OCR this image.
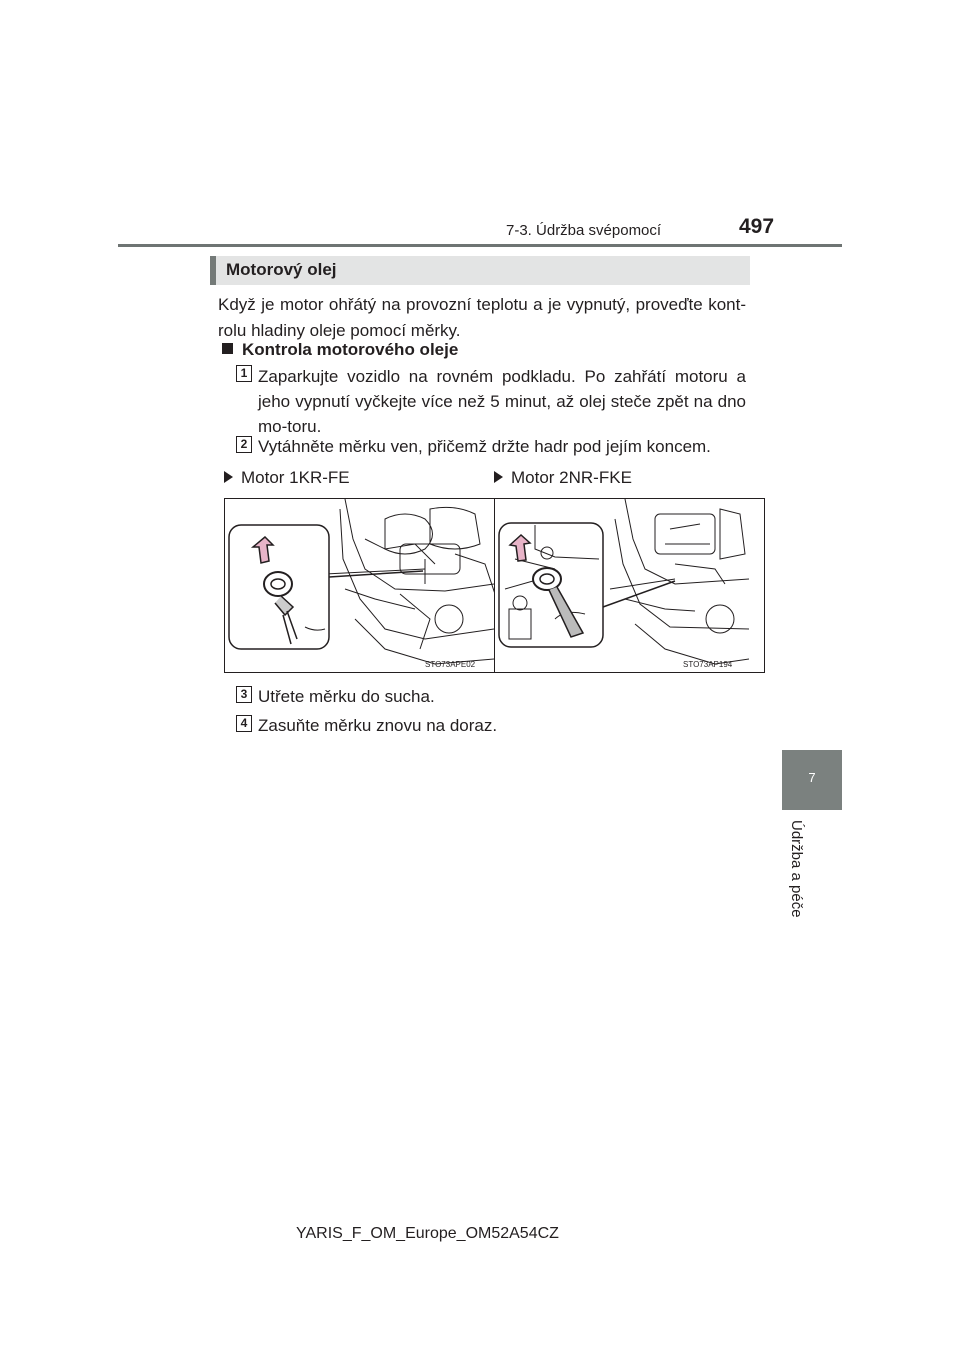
7-3. Údržba svépomocí	497
7
Údržba a péče
Motorový olej
Když je motor ohřátý na provozní teplotu a je vypnutý, proveďte kont-rolu hladiny oleje pomocí měrky.
Kontrola motorového oleje
1 Zaparkujte vozidlo na rovném podkladu. Po zahřátí motoru a jeho vypnutí vyčkejte více než 5 minut, až olej steče zpět na dno mo-toru.
2 Vytáhněte měrku ven, přičemž držte hadr pod jejím koncem.
Motor 1KR-FE	Motor 2NR-FKE
STO73APE02	STO73AP194
3 Utřete měrku do sucha.
4 Zasuňte měrku znovu na doraz.
YARIS_F_OM_Europe_OM52A54CZ
